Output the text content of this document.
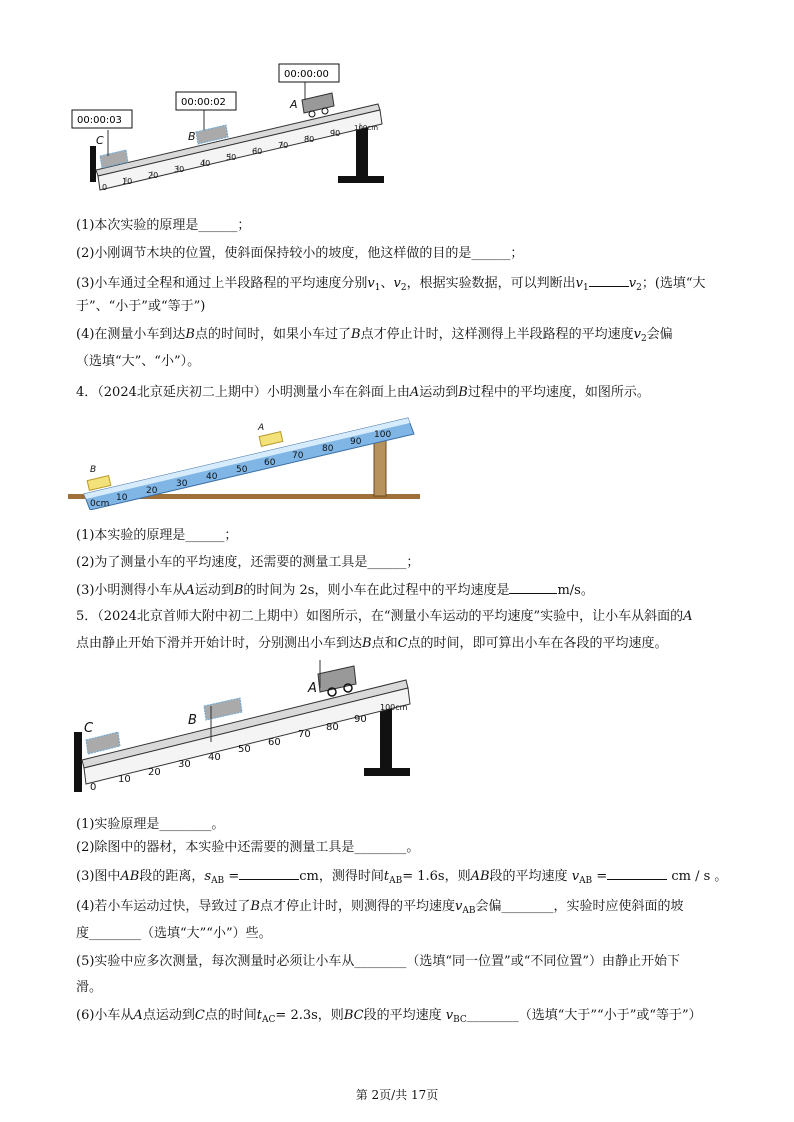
0
10
20
30
40
50
60
70
80
90
100cm
00:00:03
00:00:02
00:00:00
C	B
A
(1)本次实验的原理是______；
(2)小刚调节木块的位置，使斜面保持较小的坡度，他这样做的目的是______；
(3)小车通过全程和通过上半段路程的平均速度分别$v_1$、$v_2$，根据实验数据，可以判断出$v_1$	$v_2$；(选填“大
于”、“小于”或“等于”)
(4)在测量小车到达B点的时间时，如果小车过了B点才停止计时，这样测得上半段路程的平均速度$v_2$会偏
（选填“大”、“小”）。
4．（2024北京延庆初二上期中）小明测量小车在斜面上由A运动到B过程中的平均速度，如图所示。
0cm
10
20
30
40
50
60
70
80
90
100
B
A
(1)本实验的原理是______；
(2)为了测量小车的平均速度，还需要的测量工具是______；
(3)小明测得小车从A运动到B的时间为 2s，则小车在此过程中的平均速度是	m/s。
5．（2024北京首师大附中初二上期中）如图所示，在“测量小车运动的平均速度”实验中，让小车从斜面的A
点由静止开始下滑并开始计时，分别测出小车到达B点和C点的时间，即可算出小车在各段的平均速度。
0
10
20
30
40
50
60
70
80
90
100cm
C
B
A
(1)实验原理是________。
(2)除图中的器材，本实验中还需要的测量工具是________。
(3)图中AB段的距离，$s_{AB}$ =	cm，测得时间$t_{AB}= 1.6s$，则AB段的平均速度 $v_{AB}$ =	cm / s 。
(4)若小车运动过快，导致过了B点才停止计时，则测得的平均速度$v_{AB}$会偏________，实验时应使斜面的坡
度________（选填“大”“小”）些。
(5)实验中应多次测量，每次测量时必须让小车从________（选填“同一位置”或“不同位置”）由静止开始下
滑。
(6)小车从A点运动到C点的时间$t_{AC}= 2.3s$，则BC段的平均速度 $v_{BC}\_\_\_\_\_\_\_\_$（选填“大于”“小于”或“等于”）
第 2页/共 17页
